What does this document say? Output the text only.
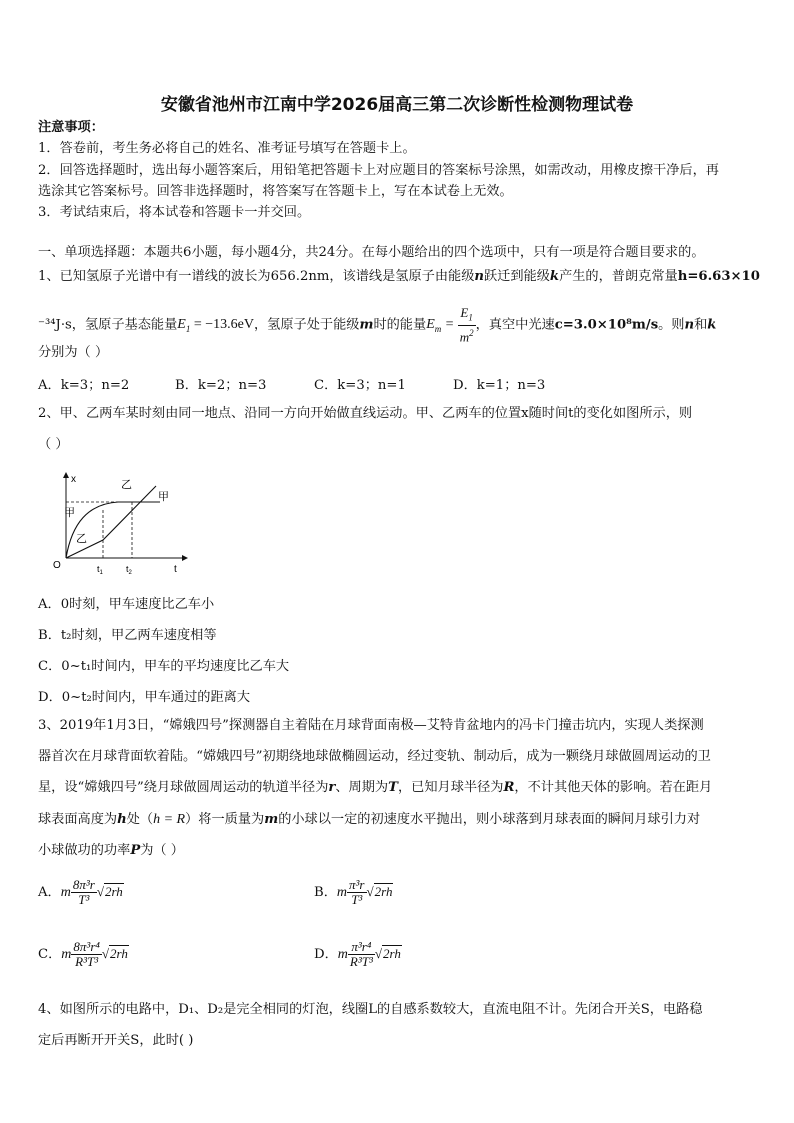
安徽省池州市江南中学2026届高三第二次诊断性检测物理试卷
注意事项：
1．答卷前，考生务必将自己的姓名、准考证号填写在答题卡上。
2．回答选择题时，选出每小题答案后，用铅笔把答题卡上对应题目的答案标号涂黑，如需改动，用橡皮擦干净后，再
选涂其它答案标号。回答非选择题时，将答案写在答题卡上，写在本试卷上无效。
3．考试结束后，将本试卷和答题卡一并交回。
一、单项选择题：本题共6小题，每小题4分，共24分。在每小题给出的四个选项中，只有一项是符合题目要求的。
1、已知氢原子光谱中有一谱线的波长为656.2nm，该谱线是氢原子由能级n跃迁到能级k产生的，普朗克常量h=6.63×10
⁻³⁴J·s，氢原子基态能量$E_1 = -13.6eV$，氢原子处于能级m时的能量$E_m = \frac{E_1}{m^2}$ ，真空中光速c=3.0×10⁸m/s。则n和k
分别为（ ）
A．k=3；n=2	B．k=2；n=3	C．k=3；n=1	D．k=1；n=3
2、甲、乙两车某时刻由同一地点、沿同一方向开始做直线运动。甲、乙两车的位置x随时间t的变化如图所示，则
（ ）
x
t
O	$t_1$	$t_2$
甲
乙
甲
乙
A．0时刻，甲车速度比乙车小
B．t₂时刻，甲乙两车速度相等
C．0~t₁时间内，甲车的平均速度比乙车大
D．0~t₂时间内，甲车通过的距离大
3、2019年1月3日，“嫦娥四号”探测器自主着陆在月球背面南极—艾特肯盆地内的冯卡门撞击坑内，实现人类探测
器首次在月球背面软着陆。“嫦娥四号”初期绕地球做椭圆运动，经过变轨、制动后，成为一颗绕月球做圆周运动的卫
星，设“嫦娥四号”绕月球做圆周运动的轨道半径为r、周期为T，已知月球半径为R，不计其他天体的影响。若在距月
球表面高度为h处（h = R）将一质量为m的小球以一定的初速度水平抛出，则小球落到月球表面的瞬间月球引力对
小球做功的功率P为（ ）
A．m $\frac{\text{8π³r}}{\text{T³}} √2rh$	B．m $\frac{\text{π³r}}{\text{T³}} √2rh$
C．m $\frac{\text{8π³r⁴}}{\text{R³T³}} √2rh$	D．m $\frac{\text{π³r⁴}}{\text{R³T³}} √2rh$
4、如图所示的电路中，D₁、D₂是完全相同的灯泡，线圈L的自感系数较大，直流电阻不计。先闭合开关S，电路稳
定后再断开开关S，此时( )
